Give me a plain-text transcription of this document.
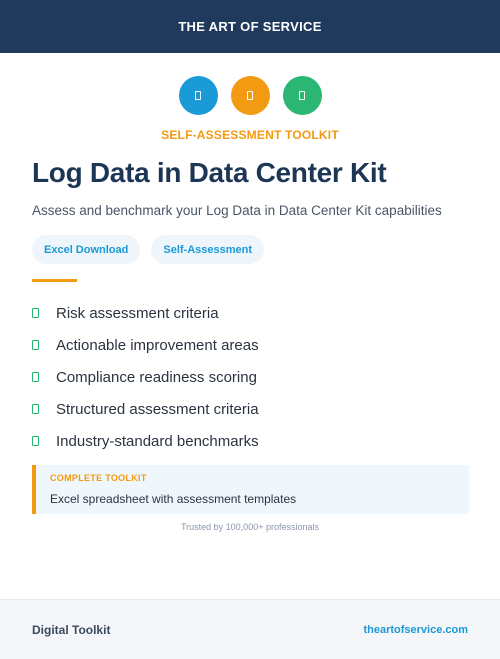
THE ART OF SERVICE
SELF-ASSESSMENT TOOLKIT
Log Data in Data Center Kit
Assess and benchmark your Log Data in Data Center Kit capabilities
Excel Download	Self-Assessment
Risk assessment criteria
Actionable improvement areas
Compliance readiness scoring
Structured assessment criteria
Industry-standard benchmarks
COMPLETE TOOLKIT
Excel spreadsheet with assessment templates
Trusted by 100,000+ professionals
Digital Toolkit	theartofservice.com
